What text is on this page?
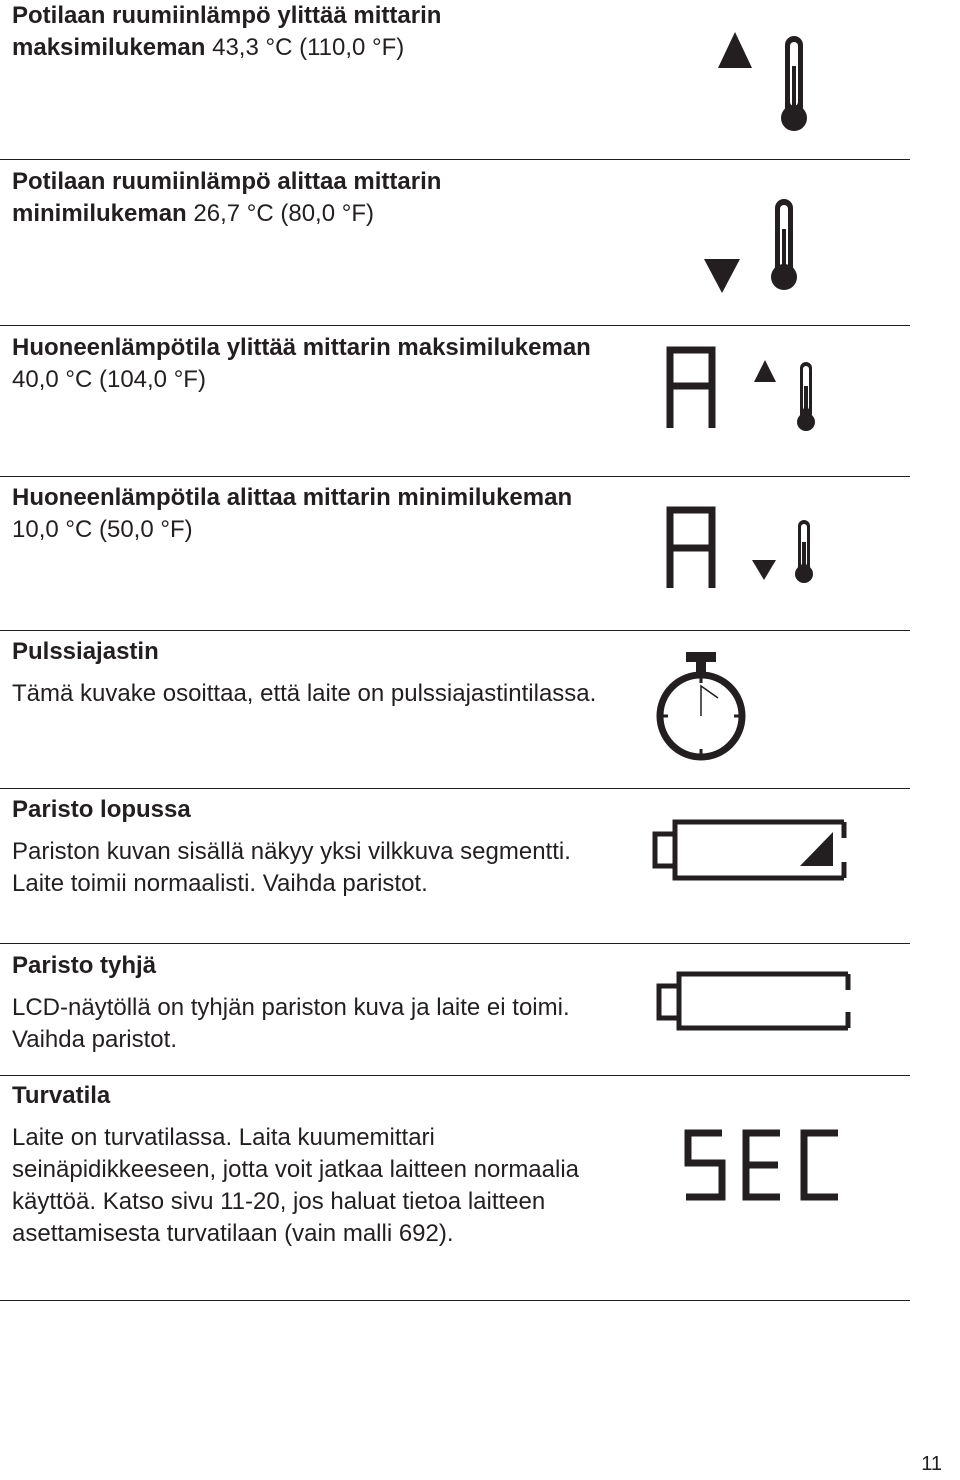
Potilaan ruumiinlämpö ylittää mittarin maksimilukeman 43,3 °C (110,0 °F)
Potilaan ruumiinlämpö alittaa mittarin minimilukeman 26,7 °C (80,0 °F)
Huoneenlämpötila ylittää mittarin maksimilukeman 40,0 °C (104,0 °F)
Huoneenlämpötila alittaa mittarin minimilukeman 10,0 °C (50,0 °F)
Pulssiajastin
Tämä kuvake osoittaa, että laite on pulssiajastintilassa.
Paristo lopussa
Pariston kuvan sisällä näkyy yksi vilkkuva segmentti. Laite toimii normaalisti. Vaihda paristot.
Paristo tyhjä
LCD-näytöllä on tyhjän pariston kuva ja laite ei toimi. Vaihda paristot.
Turvatila
Laite on turvatilassa. Laita kuumemittari seinäpidikkeeseen, jotta voit jatkaa laitteen normaalia käyttöä. Katso sivu 11-20, jos haluat tietoa laitteen asettamisesta turvatilaan (vain malli 692).
11
